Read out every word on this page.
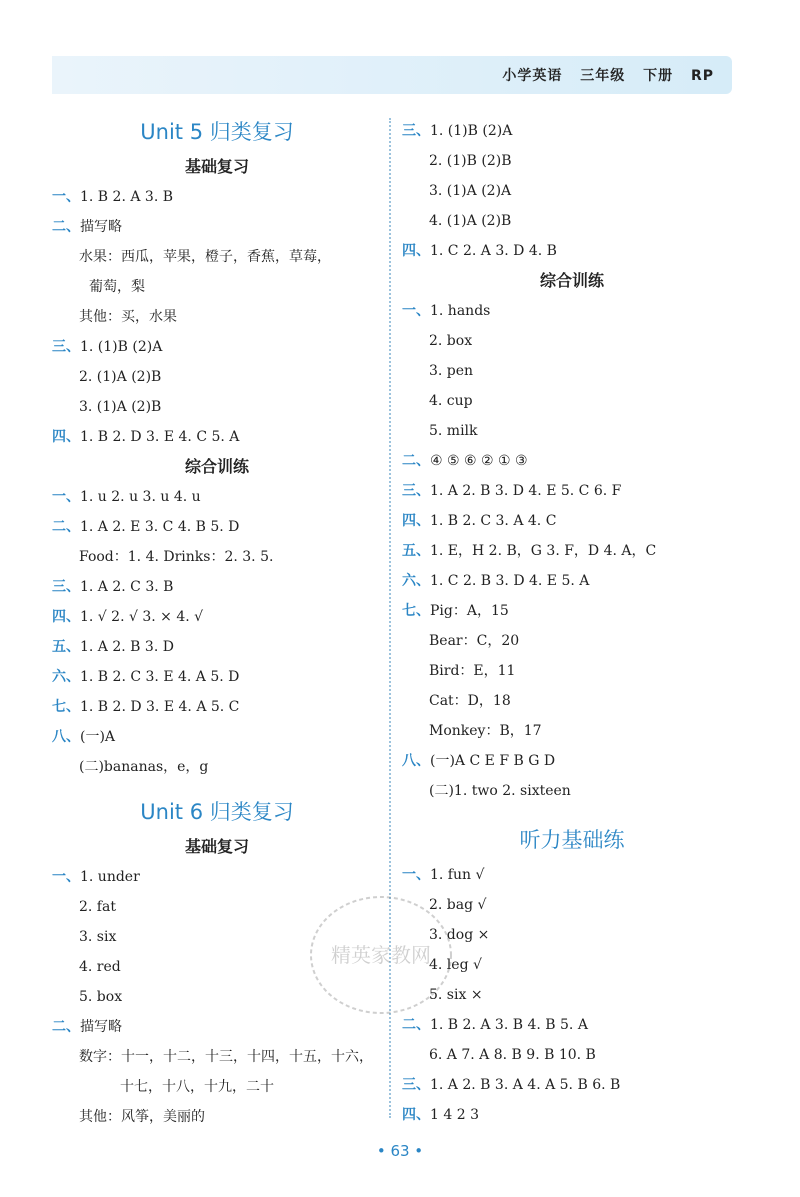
小学英语 三年级 下册 RP
Unit 5 归类复习
基础复习
一、1. B 2. A 3. B
二、描写略
水果：西瓜，苹果，橙子，香蕉，草莓，
葡萄，梨
其他：买，水果
三、1. (1)B (2)A
2. (1)A (2)B
3. (1)A (2)B
四、1. B 2. D 3. E 4. C 5. A
综合训练
一、1. u 2. u 3. u 4. u
二、1. A 2. E 3. C 4. B 5. D
Food：1. 4. Drinks：2. 3. 5.
三、1. A 2. C 3. B
四、1. √ 2. √ 3. × 4. √
五、1. A 2. B 3. D
六、1. B 2. C 3. E 4. A 5. D
七、1. B 2. D 3. E 4. A 5. C
八、(一)A
(二)bananas，e，g
Unit 6 归类复习
基础复习
一、1. under
2. fat
3. six
4. red
5. box
二、描写略
数字：十一，十二，十三，十四，十五，十六，
十七，十八，十九，二十
其他：风筝，美丽的
三、1. (1)B (2)A
2. (1)B (2)B
3. (1)A (2)A
4. (1)A (2)B
四、1. C 2. A 3. D 4. B
综合训练
一、1. hands
2. box
3. pen
4. cup
5. milk
二、④ ⑤ ⑥ ② ① ③
三、1. A 2. B 3. D 4. E 5. C 6. F
四、1. B 2. C 3. A 4. C
五、1. E，H 2. B，G 3. F，D 4. A，C
六、1. C 2. B 3. D 4. E 5. A
七、Pig：A，15
Bear：C，20
Bird：E，11
Cat：D，18
Monkey：B，17
八、(一)A C E F B G D
(二)1. two 2. sixteen
听力基础练
一、1. fun √
2. bag √
3. dog ×
4. leg √
5. six ×
二、1. B 2. A 3. B 4. B 5. A
6. A 7. A 8. B 9. B 10. B
三、1. A 2. B 3. A 4. A 5. B 6. B
四、1 4 2 3
精英家教网
• 63 •
